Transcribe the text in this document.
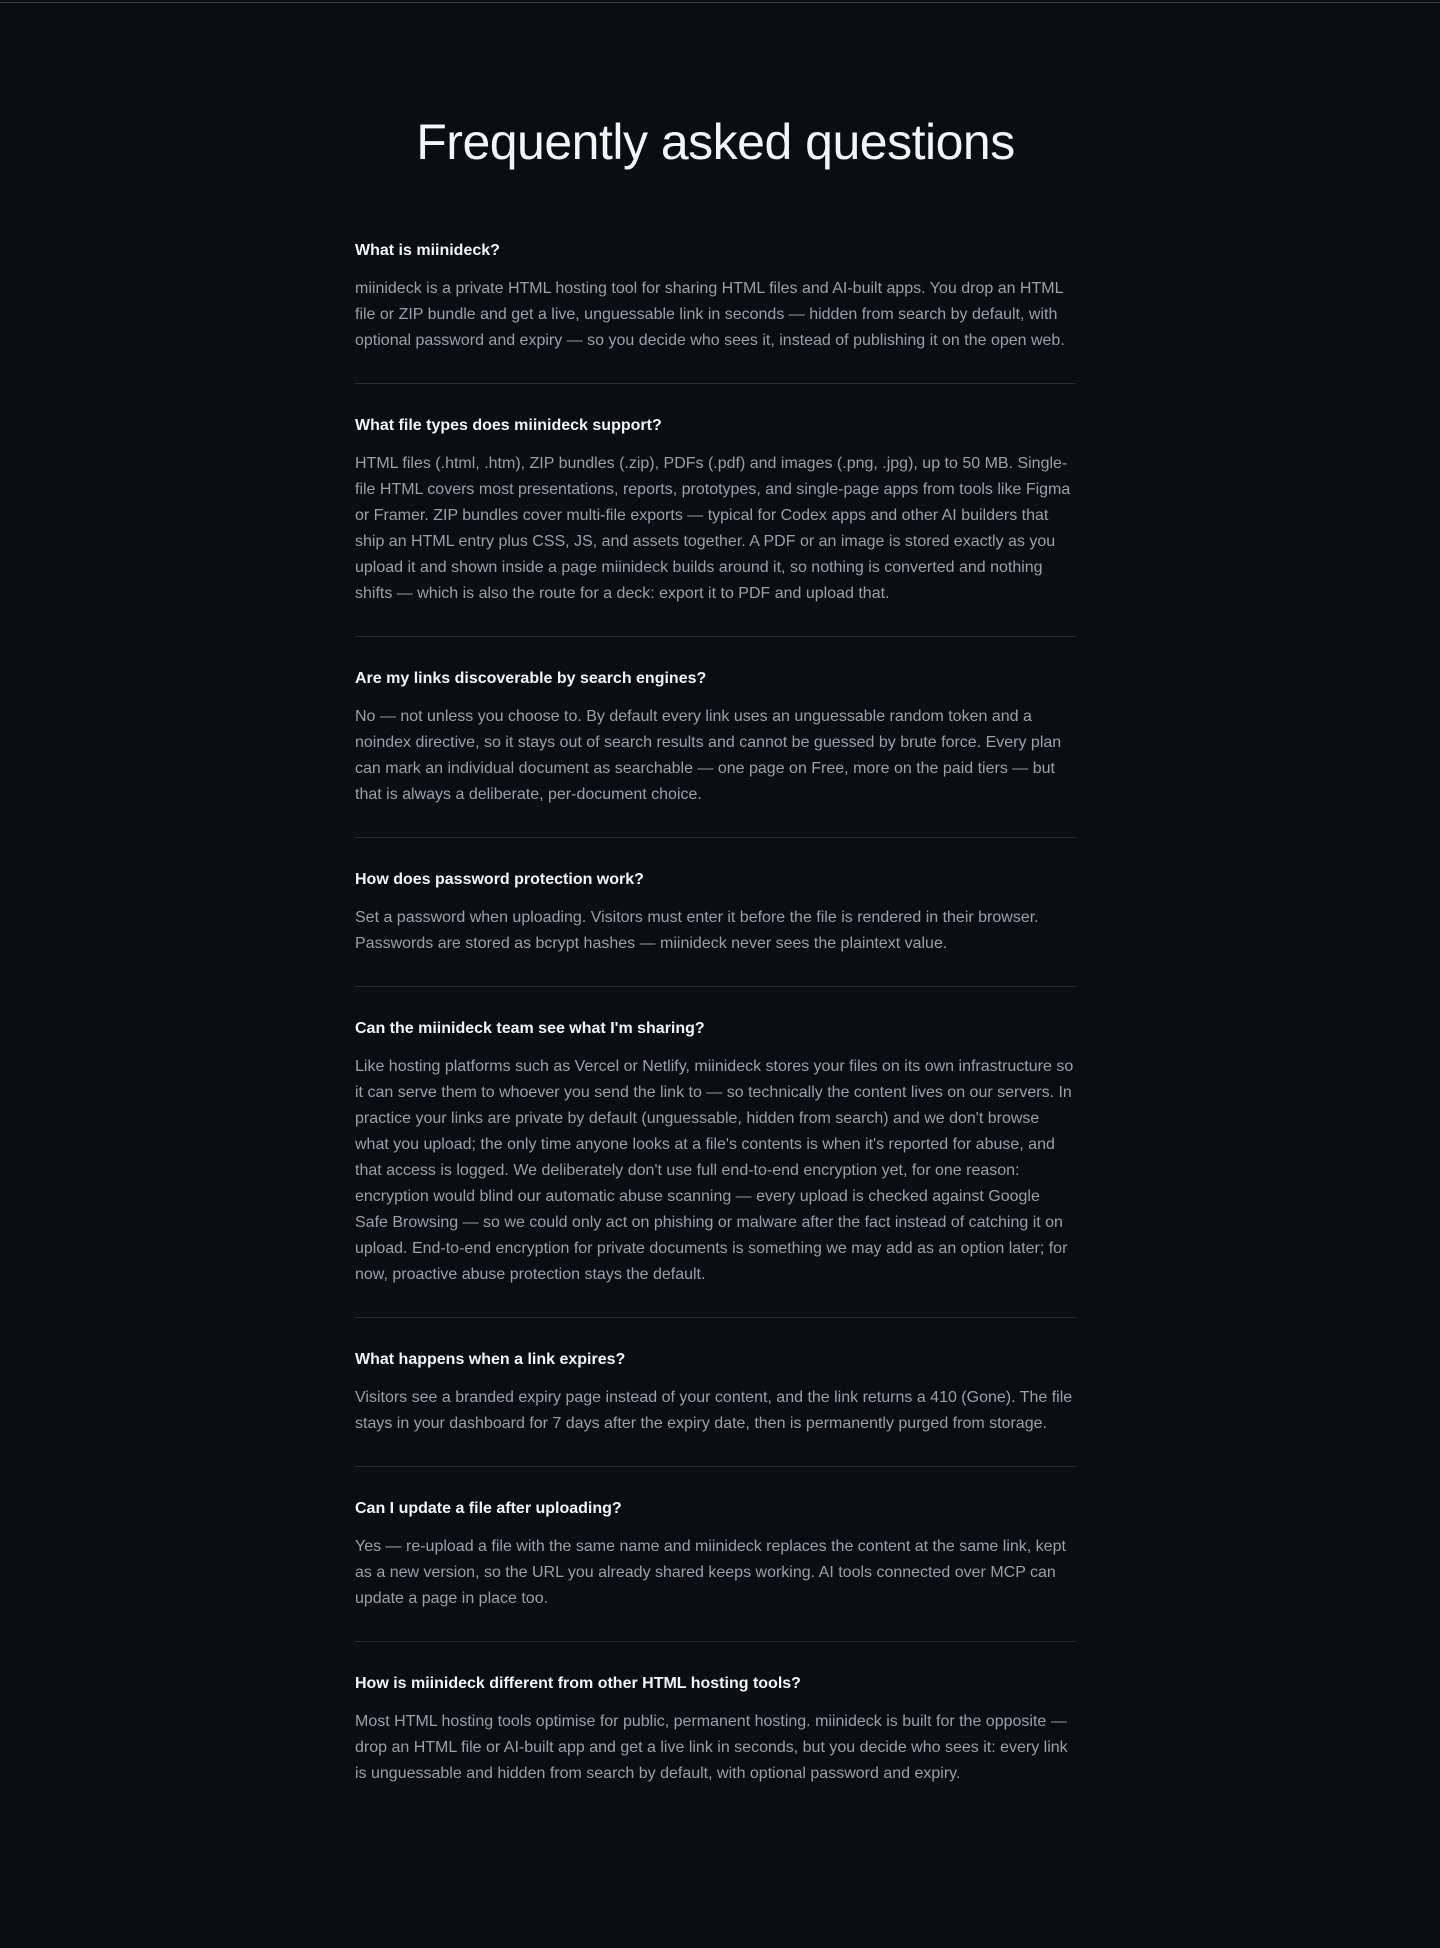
Frequently asked questions
What is miinideck?

miinideck is a private HTML hosting tool for sharing HTML files and AI-built apps. You drop an HTML file or ZIP bundle and get a live, unguessable link in seconds — hidden from search by default, with optional password and expiry — so you decide who sees it, instead of publishing it on the open web.

What file types does miinideck support?

HTML files (.html, .htm), ZIP bundles (.zip), PDFs (.pdf) and images (.png, .jpg), up to 50 MB. Single-file HTML covers most presentations, reports, prototypes, and single-page apps from tools like Figma or Framer. ZIP bundles cover multi-file exports — typical for Codex apps and other AI builders that ship an HTML entry plus CSS, JS, and assets together. A PDF or an image is stored exactly as you upload it and shown inside a page miinideck builds around it, so nothing is converted and nothing shifts — which is also the route for a deck: export it to PDF and upload that.

Are my links discoverable by search engines?

No — not unless you choose to. By default every link uses an unguessable random token and a noindex directive, so it stays out of search results and cannot be guessed by brute force. Every plan can mark an individual document as searchable — one page on Free, more on the paid tiers — but that is always a deliberate, per-document choice.

How does password protection work?

Set a password when uploading. Visitors must enter it before the file is rendered in their browser. Passwords are stored as bcrypt hashes — miinideck never sees the plaintext value.

Can the miinideck team see what I'm sharing?

Like hosting platforms such as Vercel or Netlify, miinideck stores your files on its own infrastructure so it can serve them to whoever you send the link to — so technically the content lives on our servers. In practice your links are private by default (unguessable, hidden from search) and we don't browse what you upload; the only time anyone looks at a file's contents is when it's reported for abuse, and that access is logged. We deliberately don't use full end-to-end encryption yet, for one reason: encryption would blind our automatic abuse scanning — every upload is checked against Google Safe Browsing — so we could only act on phishing or malware after the fact instead of catching it on upload. End-to-end encryption for private documents is something we may add as an option later; for now, proactive abuse protection stays the default.

What happens when a link expires?

Visitors see a branded expiry page instead of your content, and the link returns a 410 (Gone). The file stays in your dashboard for 7 days after the expiry date, then is permanently purged from storage.

Can I update a file after uploading?

Yes — re-upload a file with the same name and miinideck replaces the content at the same link, kept as a new version, so the URL you already shared keeps working. AI tools connected over MCP can update a page in place too.

How is miinideck different from other HTML hosting tools?

Most HTML hosting tools optimise for public, permanent hosting. miinideck is built for the opposite — drop an HTML file or AI-built app and get a live link in seconds, but you decide who sees it: every link is unguessable and hidden from search by default, with optional password and expiry.
